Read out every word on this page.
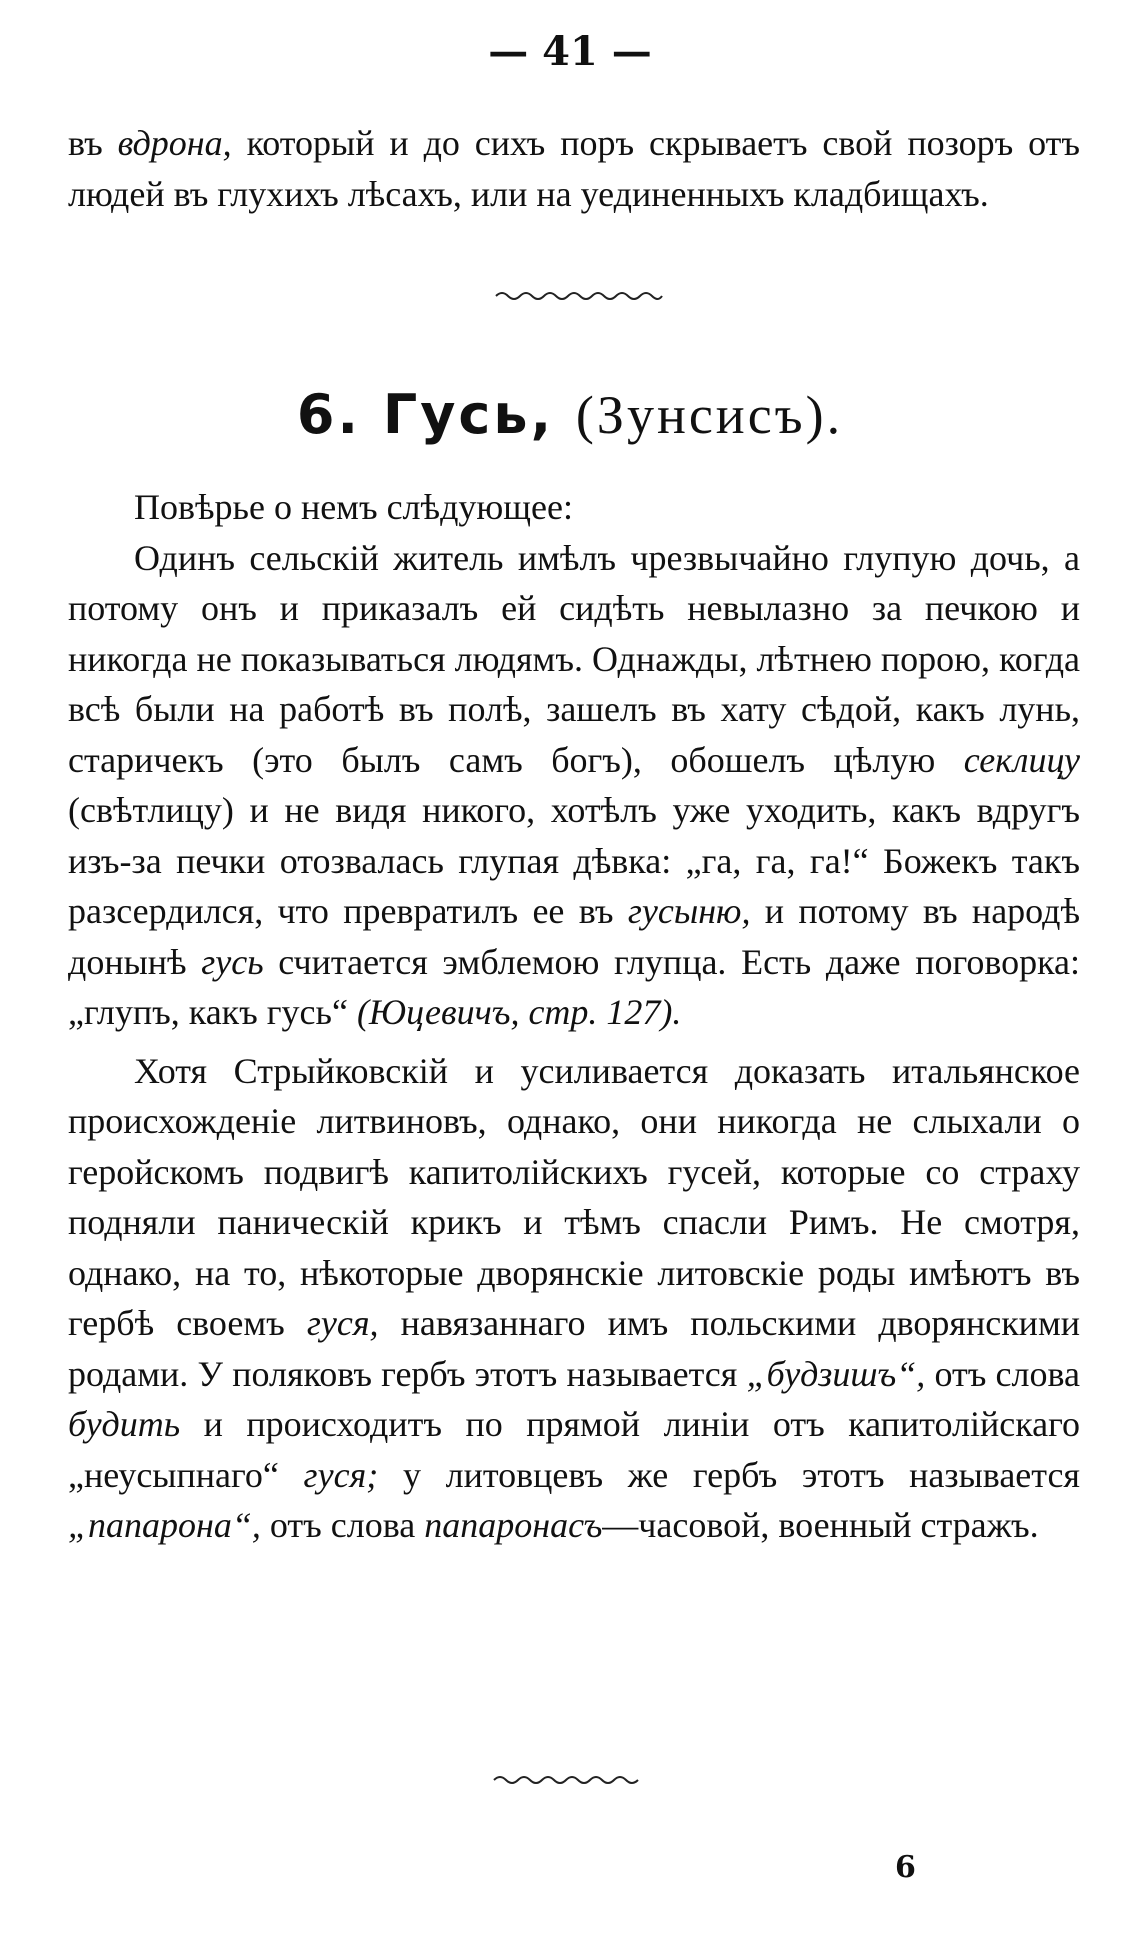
— 41 —

въ вдрона, который и до сихъ поръ скрываетъ свой позоръ отъ людей въ глухихъ лѣсахъ, или на уединенныхъ кладбищахъ.

6. Гусь, (Зунсисъ).

Повѣрье о немъ слѣдующее:

Одинъ сельскій житель имѣлъ чрезвычайно глупую дочь, а потому онъ и приказалъ ей сидѣть невылазно за печкою и никогда не показываться людямъ. Однажды, лѣтнею порою, когда всѣ были на работѣ въ полѣ, зашелъ въ хату сѣдой, какъ лунь, старичекъ (это былъ самъ богъ), обошелъ цѣлую секлицу (свѣтлицу) и не видя никого, хотѣлъ уже уходить, какъ вдругъ изъ-за печки отозвалась глупая дѣвка: „га, га, га!“ Божекъ такъ разсердился, что превратилъ ее въ гусыню, и потому въ народѣ донынѣ гусь считается эмблемою глупца. Есть даже поговорка: „глупъ, какъ гусь“ (Юцевичъ, стр. 127).

Хотя Стрыйковскій и усиливается доказать итальянское происхожденіе литвиновъ, однако, они никогда не слыхали о геройскомъ подвигѣ капитолійскихъ гусей, которые со страху подняли паническій крикъ и тѣмъ спасли Римъ. Не смотря, однако, на то, нѣкоторые дворянскіе литовскіе роды имѣютъ въ гербѣ своемъ гуся, навязаннаго имъ польскими дворянскими родами. У поляковъ гербъ этотъ называется „будзишъ“, отъ слова будить и происходитъ по прямой линіи отъ капитолійскаго „неусыпнаго“ гуся; у литовцевъ же гербъ этотъ называется „папарона“, отъ слова папаронасъ—часовой, военный стражъ.

6
